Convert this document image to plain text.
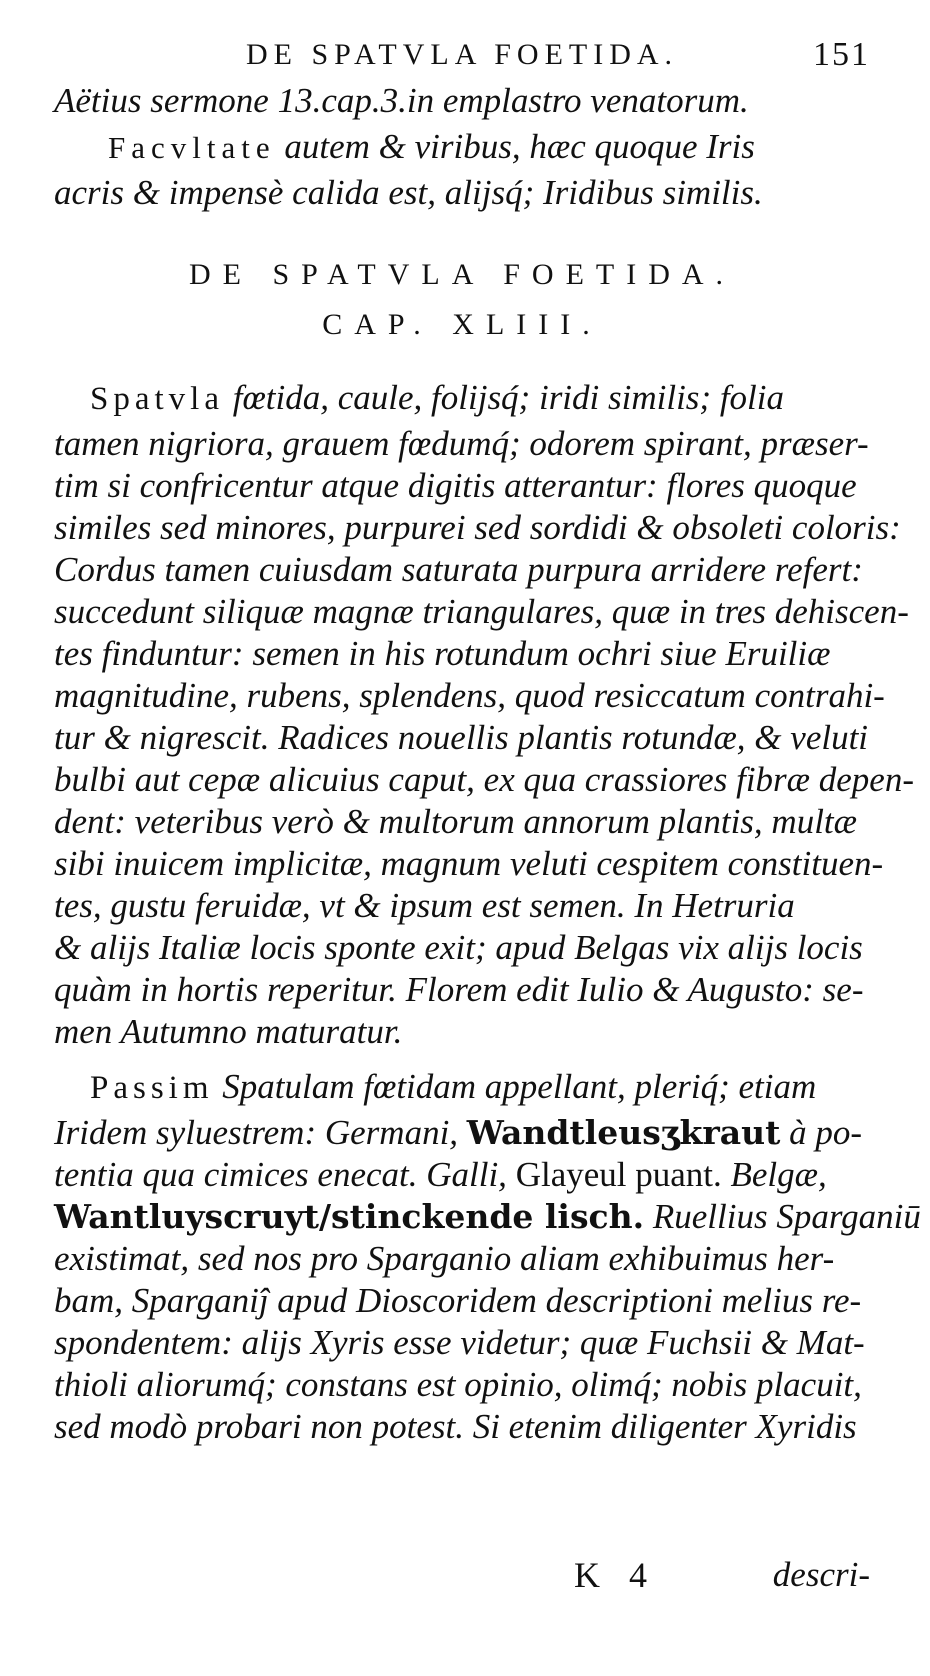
DE SPATVLA FOETIDA.	151
Aëtius sermone 13.cap.3.in emplastro venatorum.
Facvltate autem & viribus, hæc quoque Iris
acris & impensè calida est, alijsq́; Iridibus similis.
DE SPATVLA FOETIDA.
CAP. XLIII.
Spatvla fœtida, caule, folijsq́; iridi similis; folia
tamen nigriora, grauem fœdumq́; odorem spirant, præser-
tim si confricentur atque digitis atterantur: flores quoque
similes sed minores, purpurei sed sordidi & obsoleti coloris:
Cordus tamen cuiusdam saturata purpura arridere refert:
succedunt siliquæ magnæ triangulares, quæ in tres dehiscen-
tes finduntur: semen in his rotundum ochri siue Eruiliæ
magnitudine, rubens, splendens, quod resiccatum contrahi-
tur & nigrescit. Radices nouellis plantis rotundæ, & veluti
bulbi aut cepæ alicuius caput, ex qua crassiores fibræ depen-
dent: veteribus verò & multorum annorum plantis, multæ
sibi inuicem implicitæ, magnum veluti cespitem constituen-
tes, gustu feruidæ, vt & ipsum est semen. In Hetruria
& alijs Italiæ locis sponte exit; apud Belgas vix alijs locis
quàm in hortis reperitur. Florem edit Iulio & Augusto: se-
men Autumno maturatur.
Passim Spatulam fœtidam appellant, pleriq́; etiam
Iridem syluestrem: Germani, Wandtleusʒkraut à po-
tentia qua cimices enecat. Galli, Glayeul puant. Belgæ,
Wantluyscruyt/stinckende lisch. Ruellius Sparganiū
existimat, sed nos pro Sparganio aliam exhibuimus her-
bam, Sparganiĵ apud Dioscoridem descriptioni melius re-
spondentem: alijs Xyris esse videtur; quæ Fuchsii & Mat-
thioli aliorumq́; constans est opinio, olimq́; nobis placuit,
sed modò probari non potest. Si etenim diligenter Xyridis
K 4	descri-
